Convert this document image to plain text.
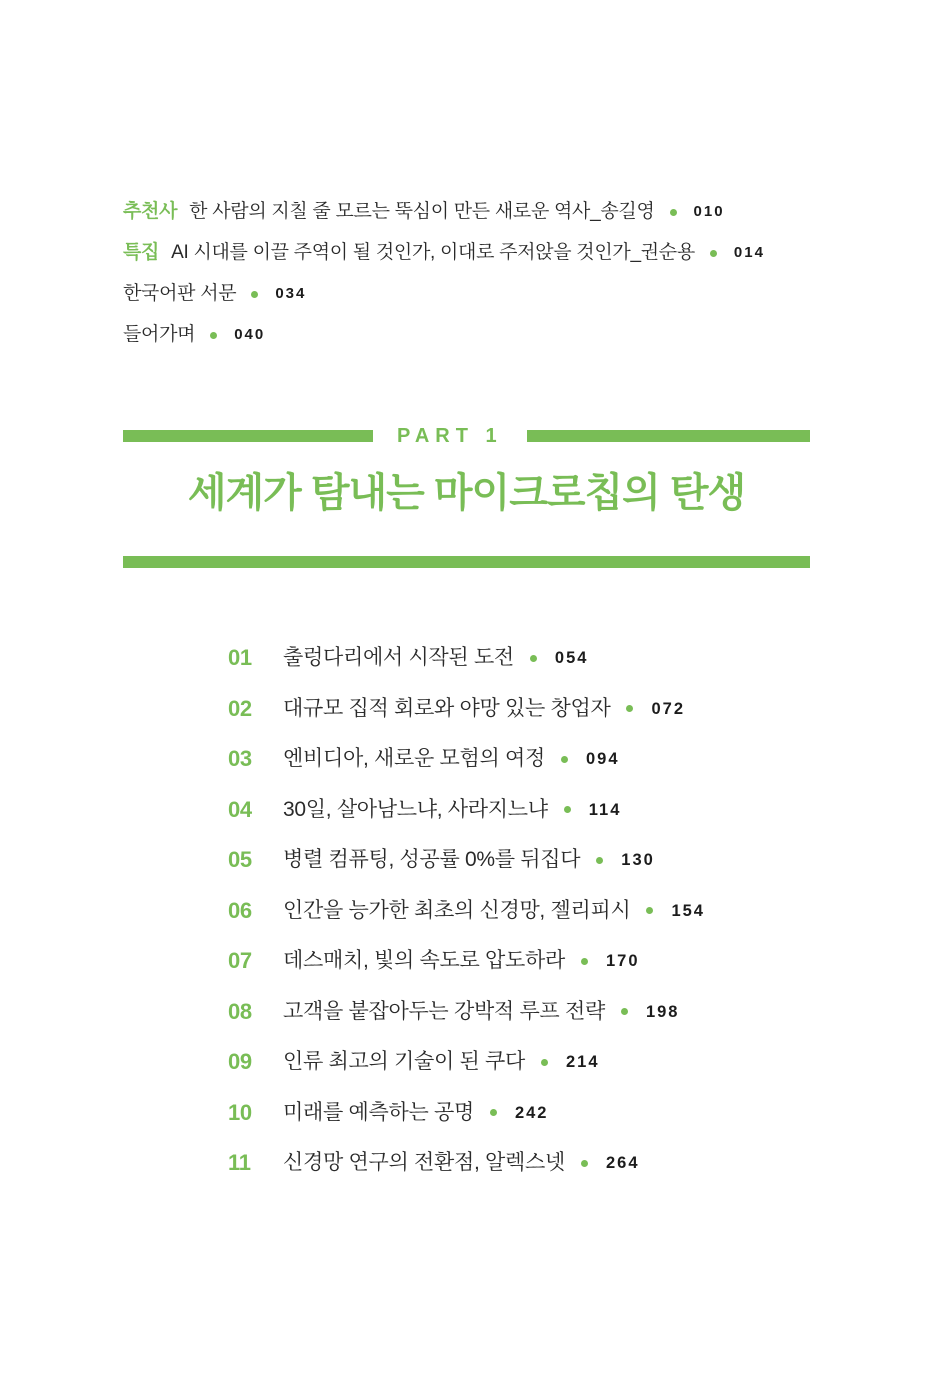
추천사 한 사람의 지칠 줄 모르는 뚝심이 만든 새로운 역사_송길영	010
특집 AI 시대를 이끌 주역이 될 것인가, 이대로 주저앉을 것인가_권순용	014
한국어판 서문	034
들어가며	040
PART 1
세계가 탐내는 마이크로칩의 탄생
01	출렁다리에서 시작된 도전 054
02	대규모 집적 회로와 야망 있는 창업자 072
03	엔비디아, 새로운 모험의 여정 094
04	30일, 살아남느냐, 사라지느냐 114
05	병렬 컴퓨팅, 성공률 0%를 뒤집다 130
06	인간을 능가한 최초의 신경망, 젤리피시 154
07	데스매치, 빛의 속도로 압도하라 170
08	고객을 붙잡아두는 강박적 루프 전략 198
09	인류 최고의 기술이 된 쿠다 214
10	미래를 예측하는 공명 242
11	신경망 연구의 전환점, 알렉스넷 264
